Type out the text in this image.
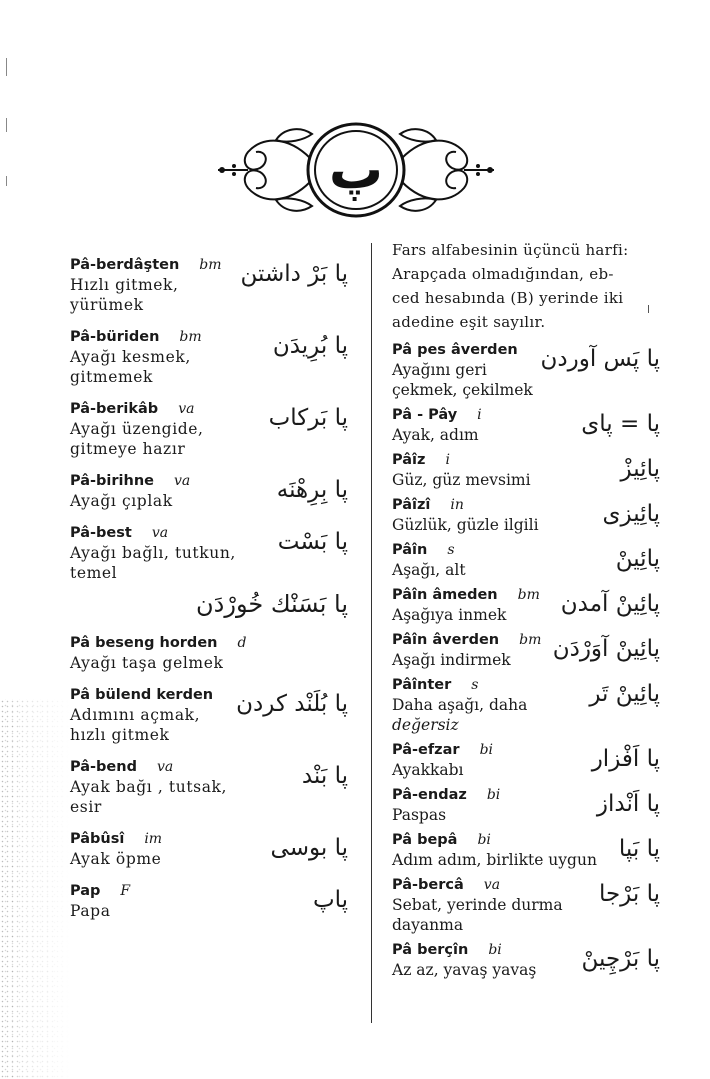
پ
Pâ-berdâşten bm
Hızlı gitmek,
yürümek
پا بَرْ داشتن
Pâ-büriden bm
Ayağı kesmek,
gitmemek
پا بُرِیدَن
Pâ-berikâb va
Ayağı üzengide,
gitmeye hazır
پا بَرکاب
Pâ-birihne va
Ayağı çıplak	پا بِرِهْنَه
Pâ-best va
Ayağı bağlı, tutkun,
temel
پا بَسْت
پا بَسَنْك خُورْدَن
Pâ beseng horden d
Ayağı taşa gelmek
Pâ bülend kerden
Adımını açmak,
hızlı gitmek
پا بُلَنْد كردن
Pâ-bend va
Ayak bağı , tutsak,
esir
پا بَنْد
Pâbûsî im
Ayak öpme	پا بوسى
Pap F
Papa	پاپ
Fars alfabesinin üçüncü harfi:
Arapçada olmadığından, eb-
ced hesabında (B) yerinde iki
adedine eşit sayılır.
Pâ pes âverden
Ayağını geri
çekmek, çekilmek
پا پَس آوردن
Pâ - Pây i
Ayak, adım	پا = پاى
Pâîz i
Güz, güz mevsimi	پائِيزْ
Pâîzî in
Güzlük, güzle ilgili	پائِيزى
Pâîn s
Aşağı, alt	پائِينْ
Pâîn âmeden bm
Aşağıya inmek	پائِينْ آمدن
Pâîn âverden bm
Aşağı indirmek	پائِينْ آوَرْدَن
Pâînter s
Daha aşağı, daha
değersiz
پائِينْ تَر
Pâ-efzar bi
Ayakkabı	پا اَفْزار
Pâ-endaz bi
Paspas	پا اَنْداز
Pâ bepâ bi
Adım adım, birlikte uygun پا بَپا
Pâ-bercâ va
Sebat, yerinde durma
dayanma
پا بَرْجا
Pâ berçîn bi
Az az, yavaş yavaş	پا بَرْچِينْ
